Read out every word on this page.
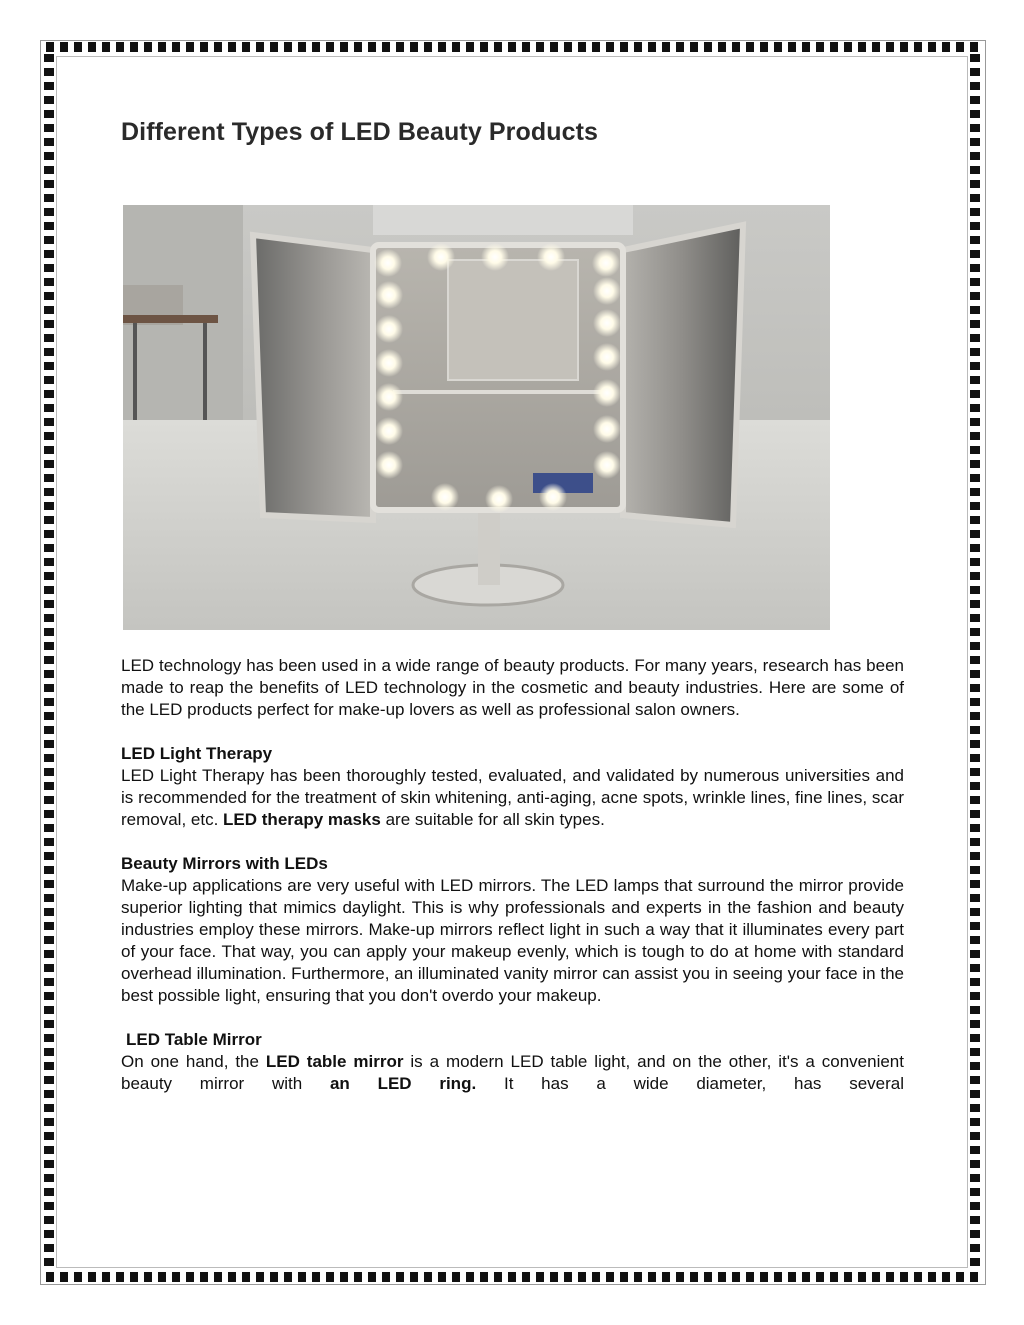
Different Types of LED Beauty Products

LED technology has been used in a wide range of beauty products. For many years, research has been made to reap the benefits of LED technology in the cosmetic and beauty industries. Here are some of the LED products perfect for make-up lovers as well as professional salon owners.

LED Light Therapy

LED Light Therapy has been thoroughly tested, evaluated, and validated by numerous universities and is recommended for the treatment of skin whitening, anti-aging, acne spots, wrinkle lines, fine lines, scar removal, etc. LED therapy masks are suitable for all skin types.

Beauty Mirrors with LEDs

Make-up applications are very useful with LED mirrors. The LED lamps that surround the mirror provide superior lighting that mimics daylight. This is why professionals and experts in the fashion and beauty industries employ these mirrors. Make-up mirrors reflect light in such a way that it illuminates every part of your face. That way, you can apply your makeup evenly, which is tough to do at home with standard overhead illumination. Furthermore, an illuminated vanity mirror can assist you in seeing your face in the best possible light, ensuring that you don't overdo your makeup.

LED Table Mirror

On one hand, the LED table mirror is a modern LED table light, and on the other, it's a convenient beauty mirror with an LED ring. It has a wide diameter, has several
